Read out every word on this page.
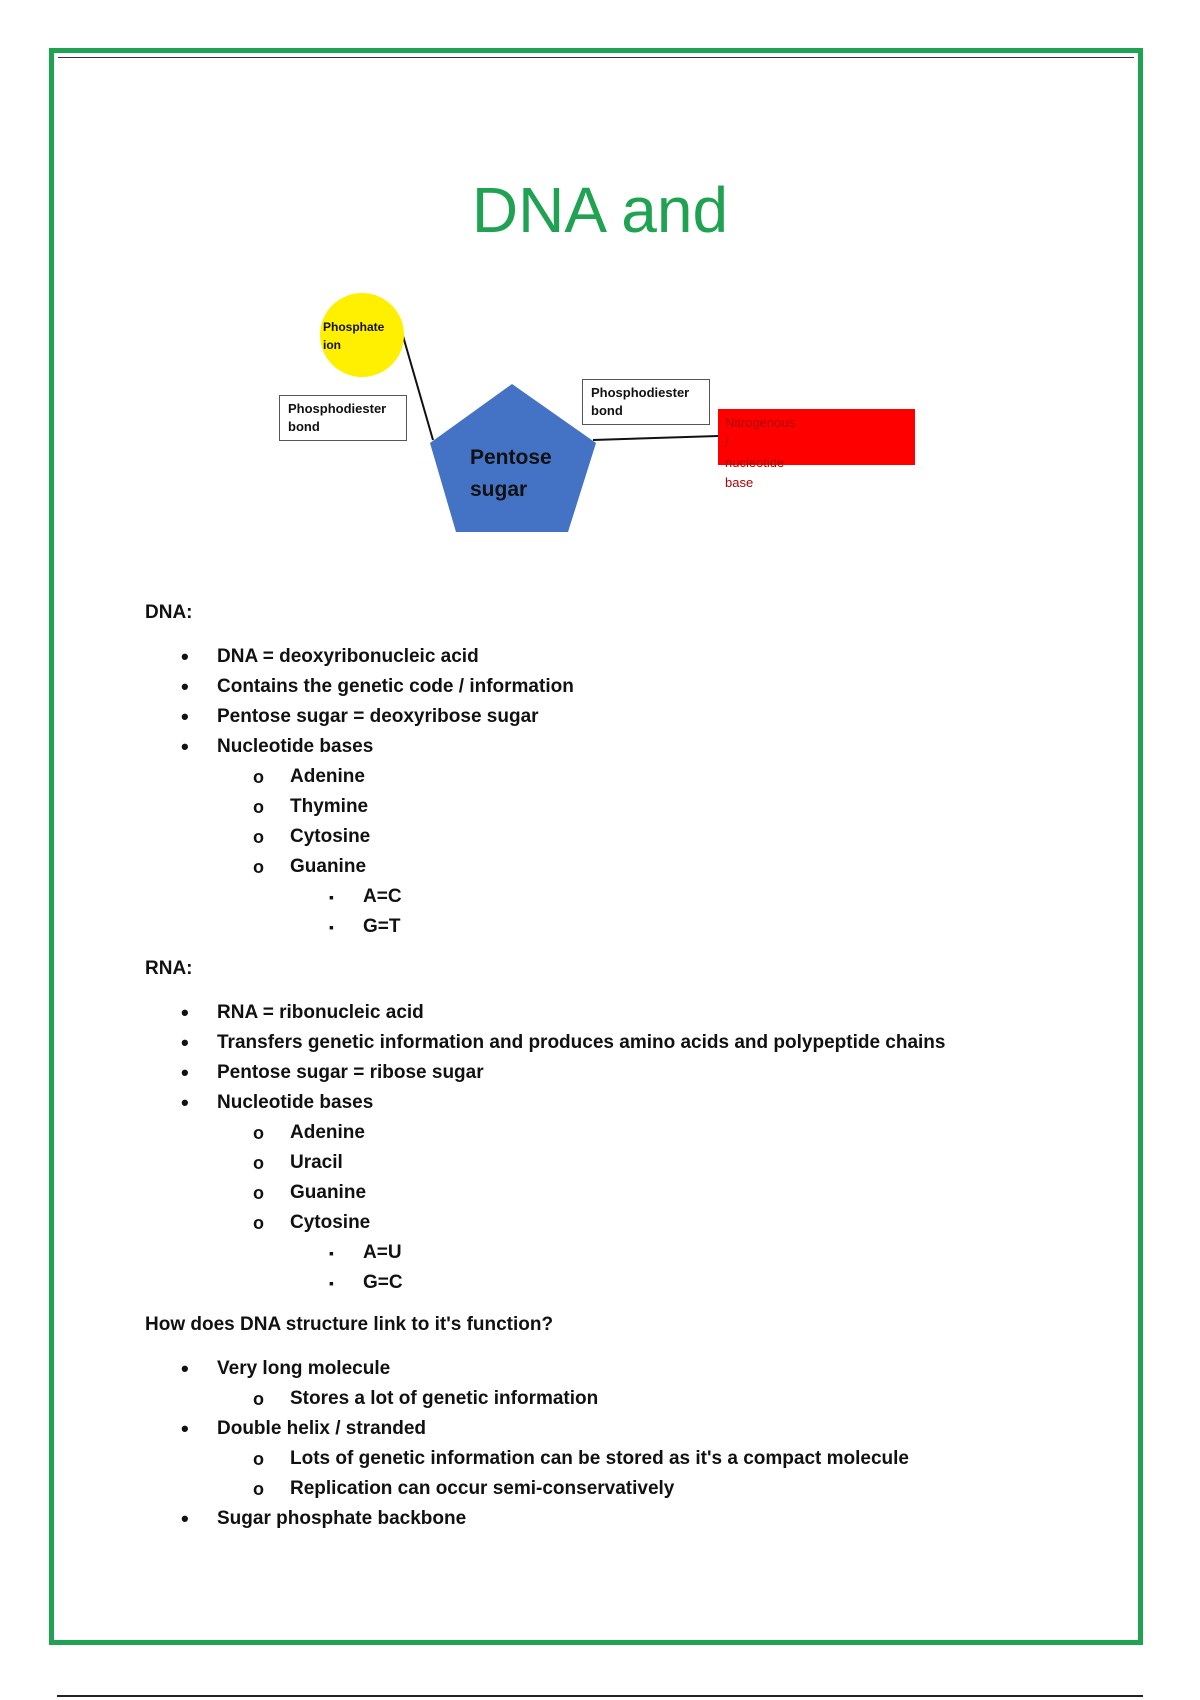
DNA and
Phosphate
ion
Phosphodiester
bond
Phosphodiester
bond
Pentose
sugar
Nitrogenous /
nucleotide base

DNA:

• DNA = deoxyribonucleic acid
• Contains the genetic code / information
• Pentose sugar = deoxyribose sugar
• Nucleotide bases
o Adenine
o Thymine
o Cytosine
o Guanine
▪ A=C
▪ G=T

RNA:

• RNA = ribonucleic acid
• Transfers genetic information and produces amino acids and polypeptide chains
• Pentose sugar = ribose sugar
• Nucleotide bases
o Adenine
o Uracil
o Guanine
o Cytosine
▪ A=U
▪ G=C

How does DNA structure link to it's function?

• Very long molecule
o Stores a lot of genetic information
• Double helix / stranded
o Lots of genetic information can be stored as it's a compact molecule
o Replication can occur semi-conservatively
• Sugar phosphate backbone
